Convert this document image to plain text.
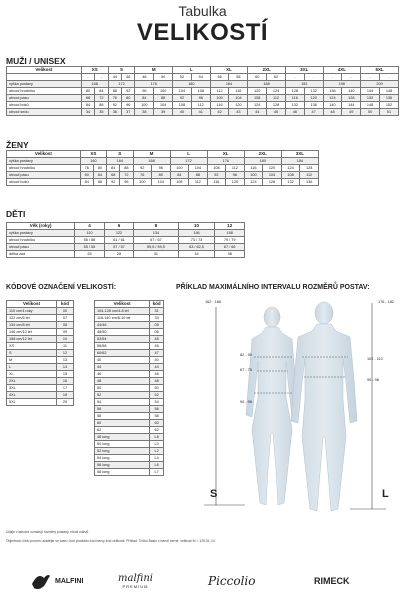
Tabulka
VELIKOSTÍ
MUŽI / UNISEX
Velikost	XS		S		M		L		XL		2XL		3XL		4XL		5XL	
	-	-	44	46	48	50	52	54	56	58	60	62	-	-	-	-	-	-
výška postavy	168		172		176		180		184		188		192		196		200	
obvod hrudníku	80	84	88	92	96	100	104	108	112	116	120	124	128	132	136	140	144	148
obvod pasu	68	72	76	80	84	88	92	96	100	104	108	112	116	120	124	128	132	136
obvod bokŭ	84	88	92	96	100	104	108	112	116	120	124	128	132	136	140	144	148	152
obvod sedu	34	35	36	37	38	39	40	41	42	43	44	45	46	47	48	49	50	51
ŽENY
Velikost	XS		S		M		L		XL		2XL		3XL	
výška postavy	160		164		168		172		176		180		184	
obvod hrudníku	76	80	84	88	92	96	100	104	108	112	116	120	124	128
obvod pasu	60	64	68	72	76	80	84	88	92	96	100	104	108	112
obvod bokŭ	84	88	92	96	100	104	108	112	116	120	124	128	132	136
DĚTI
Věk (roky)	4	6	8	10	12
výška postavy	110	122	134	146	158
obvod hrudníku	56 / 58	61 / 61	67 / 67	73 / 73	79 / 79
obvod pasu	55 / 55	57 / 57	59,5 / 59,5	63 / 62,5	67 / 66
délka zad	25	28	31	34	38
KÓDOVÉ OZNAČENÍ VELIKOSTÍ:
Velikost	kód
110 cm/4 roky	00
122 cm/6 let	07
134 cm/8 let	08
146 cm/10 let	09
158 cm/12 let	10
XS	11
S	12
M	13
L	14
XL	15
2XL	16
3XL	17
4XL	18
5XL	20
Velikost	kód
104-128 cm/4-8 let	31
116-140 cm/6-10 let	33
44/46	05
48/50	06
52/54	45
56/58	46
60/62	47
40	40
44	44
46	46
48	48
50	50
52	52
54	54
56	56
58	58
60	60
62	62
48 long	L8
50 long	L0
52 long	L2
54 long	L4
56 long	L6
58 long	L7
PŘÍKLAD MAXIMÁLNÍHO INTERVALU ROZMĚRŮ POSTAV:
162 - 166	176 - 182
82 - 90
67 - 75
90 - 98
102 - 110
90 - 98
S	L
Údaje v tabulce označují rozměry postavy, nikoli oděvů.
Objednací číslo prosím uvádějte ve tvaru: kód produktu-kód barvy-kód velikosti. Příklad: Tričko Basic v barvě černé, velikost M = 129-01-14
MALFINI	malfini
PREMIUM	Piccolio	RIMECK
